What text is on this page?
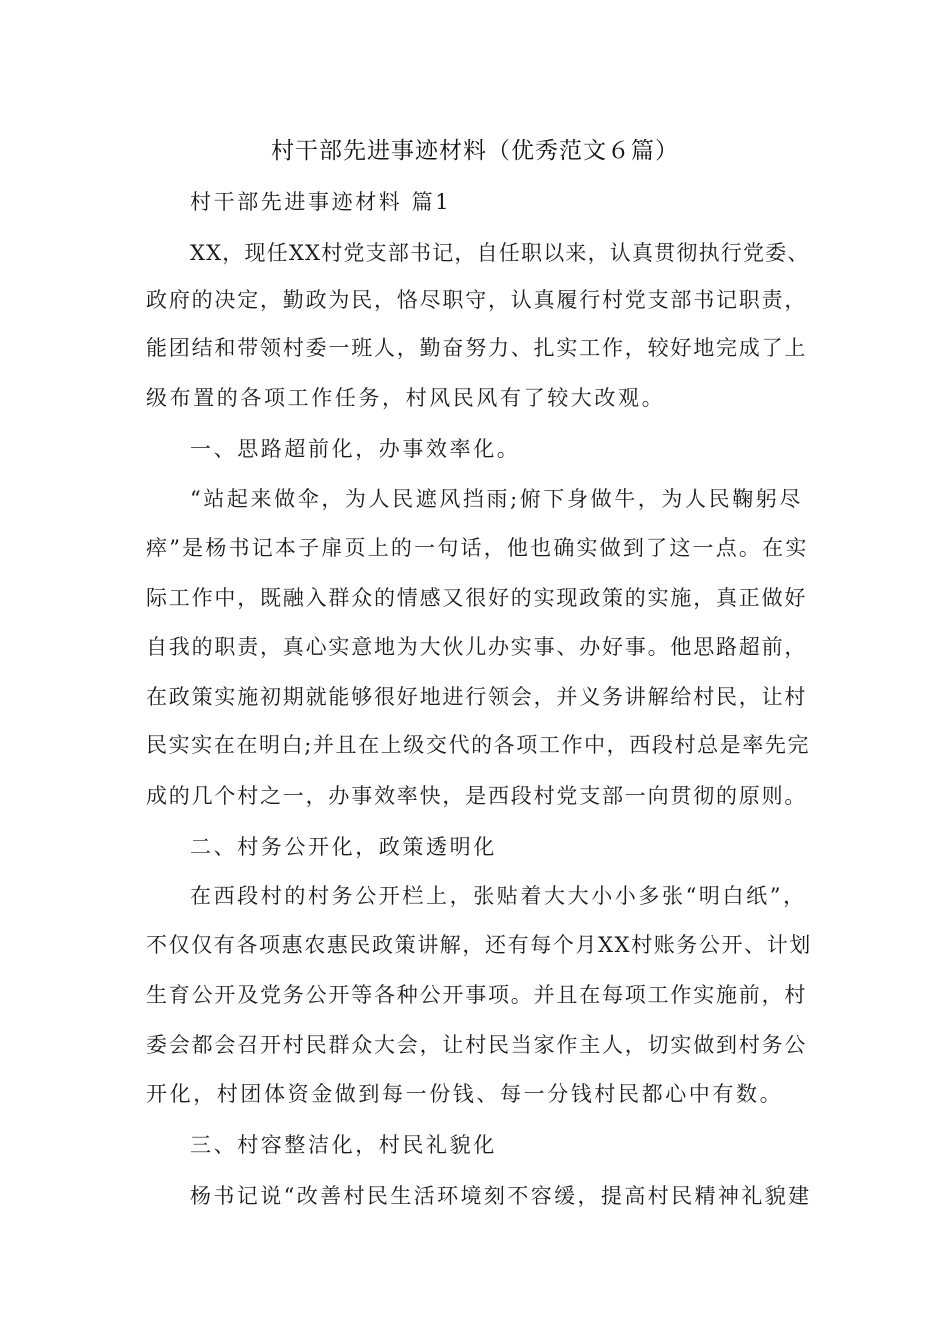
村干部先进事迹材料（优秀范文６篇）
村干部先进事迹材料 篇1
XX，现任XX村党支部书记，自任职以来，认真贯彻执行党委、
政府的决定，勤政为民，恪尽职守，认真履行村党支部书记职责，
能团结和带领村委一班人，勤奋努力、扎实工作，较好地完成了上
级布置的各项工作任务，村风民风有了较大改观。
一、思路超前化，办事效率化。
“站起来做伞，为人民遮风挡雨;俯下身做牛，为人民鞠躬尽
瘁”是杨书记本子扉页上的一句话，他也确实做到了这一点。在实
际工作中，既融入群众的情感又很好的实现政策的实施，真正做好
自我的职责，真心实意地为大伙儿办实事、办好事。他思路超前，
在政策实施初期就能够很好地进行领会，并义务讲解给村民，让村
民实实在在明白;并且在上级交代的各项工作中，西段村总是率先完
成的几个村之一，办事效率快，是西段村党支部一向贯彻的原则。
二、村务公开化，政策透明化
在西段村的村务公开栏上，张贴着大大小小多张“明白纸”，
不仅仅有各项惠农惠民政策讲解，还有每个月XX村账务公开、计划
生育公开及党务公开等各种公开事项。并且在每项工作实施前，村
委会都会召开村民群众大会，让村民当家作主人，切实做到村务公
开化，村团体资金做到每一份钱、每一分钱村民都心中有数。
三、村容整洁化，村民礼貌化
杨书记说“改善村民生活环境刻不容缓，提高村民精神礼貌建
